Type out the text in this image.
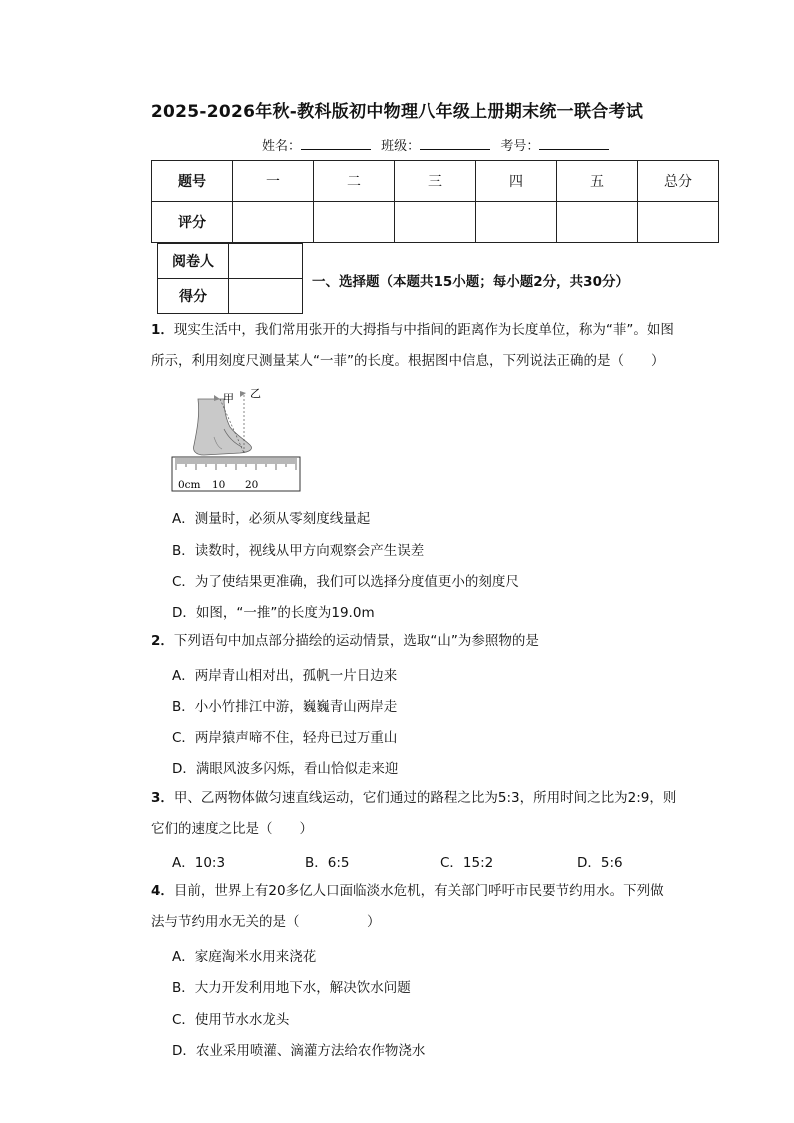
2025-2026年秋-教科版初中物理八年级上册期末统一联合考试
姓名：	班级：	考号：
题号	一	二	三	四	五	总分
评分						
阅卷人	
得分	
一、选择题（本题共15小题；每小题2分，共30分）
1．现实生活中，我们常用张开的大拇指与中指间的距离作为长度单位，称为“菲”。如图
所示，利用刻度尺测量某人“一菲”的长度。根据图中信息，下列说法正确的是（　　）
甲 乙
0cm 10 20
A．测量时，必须从零刻度线量起
B．读数时，视线从甲方向观察会产生误差
C．为了使结果更准确，我们可以选择分度值更小的刻度尺
D．如图，“一推”的长度为19.0m
2．下列语句中加点部分描绘的运动情景，选取“山”为参照物的是
A．两岸青山相对出，孤帆一片日边来
B．小小竹排江中游，巍巍青山两岸走
C．两岸猿声啼不住，轻舟已过万重山
D．满眼风波多闪烁，看山恰似走来迎
3．甲、乙两物体做匀速直线运动，它们通过的路程之比为5:3，所用时间之比为2:9，则
它们的速度之比是（　　）
A．10:3	B．6:5	C．15:2	D．5:6
4．目前，世界上有20多亿人口面临淡水危机，有关部门呼吁市民要节约用水。下列做
法与节约用水无关的是（　　　　　）
A．家庭淘米水用来浇花
B．大力开发利用地下水，解决饮水问题
C．使用节水水龙头
D．农业采用喷灌、滴灌方法给农作物浇水
